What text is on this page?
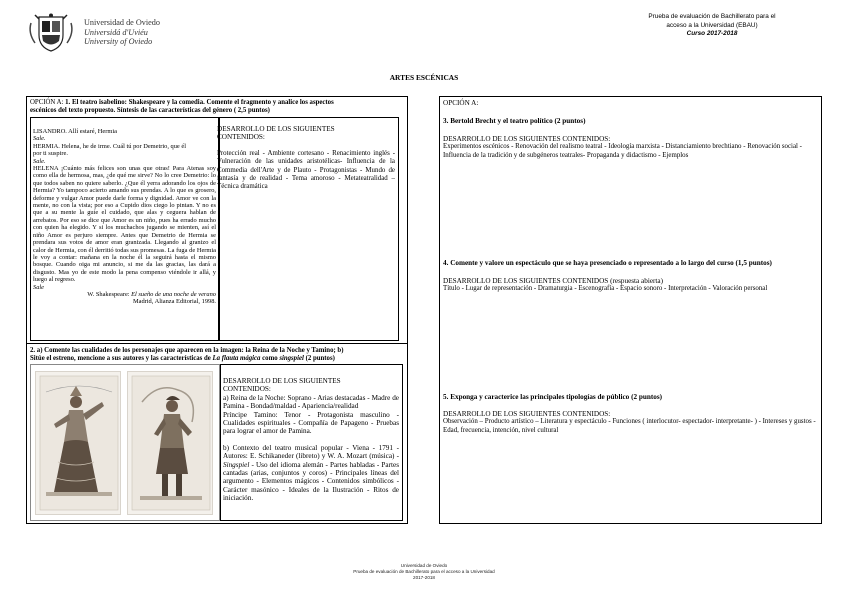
Universidad de Oviedo
Universidá d'Uviéu
University of Oviedo
Prueba de evaluación de Bachillerato para el
acceso a la Universidad (EBAU)
Curso 2017-2018
ARTES ESCÉNICAS
OPCIÓN A: 1. El teatro isabelino: Shakespeare y la comedia. Comente el fragmento y analice los aspectos
escénicos del texto propuesto. Síntesis de las características del género ( 2,5 puntos)
LISANDRO. Allí estaré, Hermia
Sale.
HERMIA. Helena, he de irme. Cuál tú por Demetrio, que él
por ti suspire.
Sale.
HELENA ¡Cuánto más felices son unas que otras! Para Atenas soy como ella de hermosa, mas, ¿de qué me sirve? No lo cree Demetrio: lo que todos saben no quiere saberlo. ¿Que él yerra adorando los ojos de Hermia? Yo tampoco acierto amando sus prendas. A lo que es grosero, deforme y vulgar Amor puede darle forma y dignidad. Amor ve con la mente, no con la vista; por eso a Cupido dios ciego lo pintan. Y no es que a su mente la guíe el cuidado, que alas y ceguera hablan de arrebatos. Por eso se dice que Amor es un niño, pues ha errado mucho con quien ha elegido. Y si los muchachos jugando se mienten, así el niño Amor es perjuro siempre. Antes que Demetrio de Hermia se prendara sus votos de amor eran granizada. Llegando al granizo el calor de Hermia, con él derritió todas sus promesas. La fuga de Hermia le voy a contar: mañana en la noche él la seguirá hasta el mismo bosque. Cuando oiga mi anuncio, si me da las gracias, las dará a disgusto. Mas yo de este modo la pena compenso viéndole ir allá, y luego al regreso.
Sale
W. Shakespeare: El sueño de una noche de verano
Madrid, Alianza Editorial, 1998.
DESARROLLO DE LOS SIGUIENTES
CONTENIDOS:
Protección real - Ambiente cortesano - Renacimiento inglés - Vulneración de las unidades aristotélicas- Influencia de la Commedia dell'Arte y de Plauto - Protagonistas - Mundo de fantasía y de realidad - Tema amoroso - Metateatralidad – Técnica dramática
2. a) Comente las cualidades de los personajes que aparecen en la imagen: la Reina de la Noche y Tamino; b)
Sitúe el estreno, mencione a sus autores y las características de La flauta mágica como singspiel (2 puntos)
DESARROLLO DE LOS SIGUIENTES
CONTENIDOS:
a) Reina de la Noche: Soprano - Arias destacadas - Madre de Pamina - Bondad/maldad - Apariencia/realidad
Príncipe Tamino: Tenor - Protagonista masculino - Cualidades espirituales - Compañía de Papageno - Pruebas para lograr el amor de Pamina.
b) Contexto del teatro musical popular - Viena - 1791 - Autores: E. Schikaneder (libreto) y W. A. Mozart (música) - Singspiel - Uso del idioma alemán - Partes habladas - Partes cantadas (arias, conjuntos y coros) - Principales líneas del argumento - Elementos mágicos - Contenidos simbólicos - Carácter masónico - Ideales de la Ilustración - Ritos de iniciación.
OPCIÓN A:
3. Bertold Brecht y el teatro político (2 puntos)
DESARROLLO DE LOS SIGUIENTES CONTENIDOS:
Experimentos escénicos - Renovación del realismo teatral - Ideología marxista - Distanciamiento brechtiano - Renovación social - Influencia de la tradición y de subgéneros teatrales- Propaganda y didactismo - Ejemplos
4. Comente y valore un espectáculo que se haya presenciado o representado a lo largo del curso (1,5 puntos)
DESARROLLO DE LOS SIGUIENTES CONTENIDOS (respuesta abierta)
Título - Lugar de representación - Dramaturgia - Escenografía - Espacio sonoro - Interpretación - Valoración personal
5. Exponga y caracterice las principales tipologías de público (2 puntos)
DESARROLLO DE LOS SIGUIENTES CONTENIDOS:
Observación – Producto artístico – Literatura y espectáculo - Funciones ( interlocutor- espectador- interpretante- ) - Intereses y gustos - Edad, frecuencia, intención, nivel cultural
Universidad de Oviedo
Prueba de evaluación de Bachillerato para el acceso a la Universidad
2017-2018
